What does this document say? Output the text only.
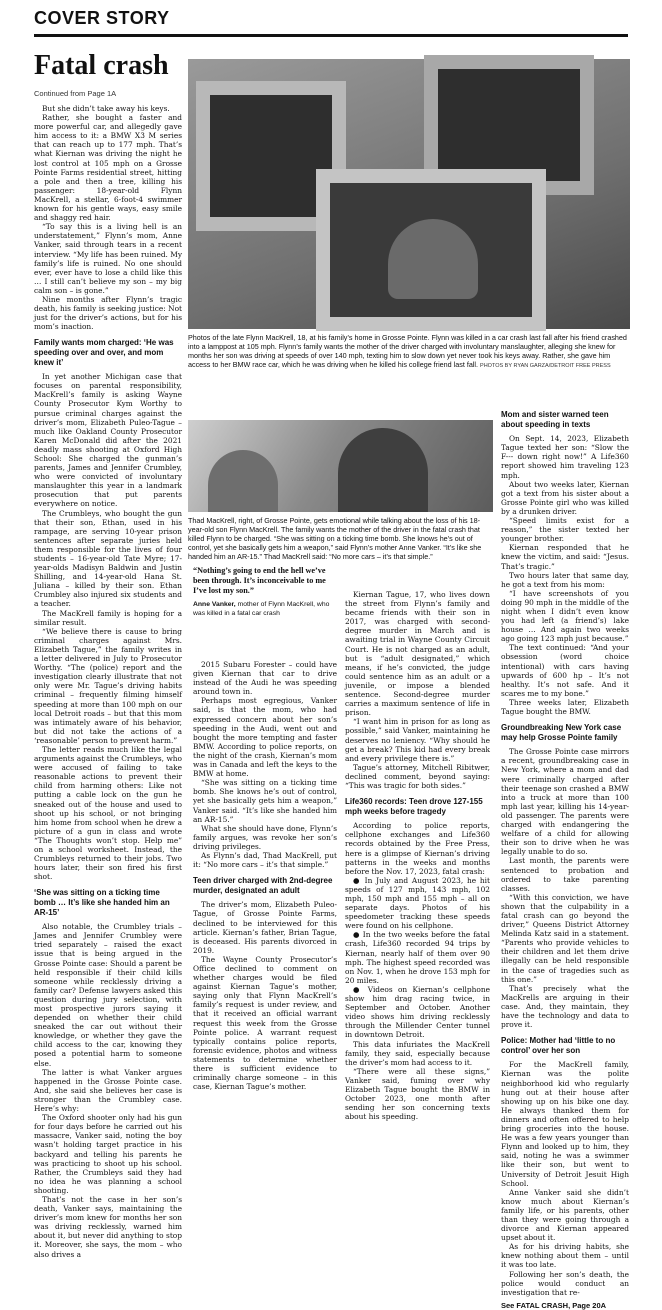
COVER STORY
Fatal crash
Continued from Page 1A

But she didn’t take away his keys.

Rather, she bought a faster and more powerful car, and allegedly gave him access to it: a BMW X3 M series that can reach up to 177 mph. That’s what Kiernan was driving the night he lost control at 105 mph on a Grosse Pointe Farms residential street, hitting a pole and then a tree, killing his passenger: 18-year-old Flynn MacKrell, a stellar, 6-foot-4 swimmer known for his gentle ways, easy smile and shaggy red hair.

“To say this is a living hell is an understatement,” Flynn’s mom, Anne Vanker, said through tears in a recent interview. “My life has been ruined. My family’s life is ruined. No one should ever, ever have to lose a child like this … I still can’t believe my son – my big calm son – is gone.”

Nine months after Flynn’s tragic death, his family is seeking justice: Not just for the driver’s actions, but for his mom’s inaction.

Family wants mom charged: ‘He was speeding over and over, and mom knew it’

In yet another Michigan case that focuses on parental responsibility, MacKrell’s family is asking Wayne County Prosecutor Kym Worthy to pursue criminal charges against the driver’s mom, Elizabeth Puleo-Tague – much like Oakland County Prosecutor Karen McDonald did after the 2021 deadly mass shooting at Oxford High School: She charged the gunman’s parents, James and Jennifer Crumbley, who were convicted of involuntary manslaughter this year in a landmark prosecution that put parents everywhere on notice.

The Crumbleys, who bought the gun that their son, Ethan, used in his rampage, are serving 10-year prison sentences after separate juries held them responsible for the lives of four students – 16-year-old Tate Myre; 17-year-olds Madisyn Baldwin and Justin Shilling, and 14-year-old Hana St. Juliana – killed by their son. Ethan Crumbley also injured six students and a teacher.

The MacKrell family is hoping for a similar result.

“We believe there is cause to bring criminal charges against Mrs. Elizabeth Tague,” the family writes in a letter delivered in July to Prosecutor Worthy. “The (police) report and the investigation clearly illustrate that not only were Mr. Tague’s driving habits criminal – frequently filming himself speeding at more than 100 mph on our local Detroit roads – but that this mom was intimately aware of his behavior, but did not take the actions of a ‘reasonable’ person to prevent harm.”

The letter reads much like the legal arguments against the Crumbleys, who were accused of failing to take reasonable actions to prevent their child from harming others: Like not putting a cable lock on the gun he sneaked out of the house and used to shoot up his school, or not bringing him home from school when he drew a picture of a gun in class and wrote “The Thoughts won’t stop. Help me” on a school worksheet. Instead, the Crumbleys returned to their jobs. Two hours later, their son fired his first shot.

‘She was sitting on a ticking time bomb … It’s like she handed him an AR-15’

Also notable, the Crumbley trials – James and Jennifer Crumbley were tried separately – raised the exact issue that is being argued in the Grosse Pointe case: Should a parent be held responsible if their child kills someone while recklessly driving a family car? Defense lawyers asked this question during jury selection, with most prospective jurors saying it depended on whether their child sneaked the car out without their knowledge, or whether they gave the child access to the car, knowing they posed a potential harm to someone else.

The latter is what Vanker argues happened in the Grosse Pointe case. And, she said she believes her case is stronger than the Crumbley case. Here’s why:

The Oxford shooter only had his gun for four days before he carried out his massacre, Vanker said, noting the boy wasn’t holding target practice in his backyard and telling his parents he was practicing to shoot up his school. Rather, the Crumbleys said they had no idea he was planning a school shooting.

That’s not the case in her son’s death, Vanker says, maintaining the driver’s mom knew for months her son was driving recklessly, warned him about it, but never did anything to stop it. Moreover, she says, the mom – who also drives a

Photos of the late Flynn MacKrell, 18, at his family’s home in Grosse Pointe. Flynn was killed in a car crash last fall after his friend crashed into a lamppost at 105 mph. Flynn’s family wants the mother of the driver charged with involuntary manslaughter, alleging she knew for months her son was driving at speeds of over 140 mph, texting him to slow down yet never took his keys away. Rather, she gave him access to her BMW race car, which he was driving when he killed his college friend last fall. PHOTOS BY RYAN GARZA/DETROIT FREE PRESS
“Nothing’s going to end the hell we’ve been through. It’s inconceivable to me I’ve lost my son.”
Anne Vanker, mother of Flynn MacKrell, who was killed in a fatal car crash
Thad MacKrell, right, of Grosse Pointe, gets emotional while talking about the loss of his 18-year-old son Flynn MacKrell. The family wants the mother of the driver in the fatal crash that killed Flynn to be charged. “She was sitting on a ticking time bomb. She knows he’s out of control, yet she basically gets him a weapon,” said Flynn’s mother Anne Vanker. “It’s like she handed him an AR-15.” Thad MacKrell said: “No more cars – it’s that simple.”

2015 Subaru Forester – could have given Kiernan that car to drive instead of the Audi he was speeding around town in.

Perhaps most egregious, Vanker said, is that the mom, who had expressed concern about her son’s speeding in the Audi, went out and bought the more tempting and faster BMW. According to police reports, on the night of the crash, Kiernan’s mom was in Canada and left the keys to the BMW at home.

“She was sitting on a ticking time bomb. She knows he’s out of control, yet she basically gets him a weapon,” Vanker said. “It’s like she handed him an AR-15.”

What she should have done, Flynn’s family argues, was revoke her son’s driving privileges.

As Flynn’s dad, Thad MacKrell, put it: “No more cars – it’s that simple.”

Teen driver charged with 2nd-degree murder, designated an adult

The driver’s mom, Elizabeth Puleo-Tague, of Grosse Pointe Farms, declined to be interviewed for this article. Kiernan’s father, Brian Tague, is deceased. His parents divorced in 2019.

The Wayne County Prosecutor’s Office declined to comment on whether charges would be filed against Kiernan Tague’s mother, saying only that Flynn MacKrell’s family’s request is under review, and that it received an official warrant request this week from the Grosse Pointe police. A warrant request typically contains police reports, forensic evidence, photos and witness statements to determine whether there is sufficient evidence to criminally charge someone – in this case, Kiernan Tague’s mother.

Kiernan Tague, 17, who lives down the street from Flynn’s family and became friends with their son in 2017, was charged with second-degree murder in March and is awaiting trial in Wayne County Circuit Court. He is not charged as an adult, but is “adult designated,” which means, if he’s convicted, the judge could sentence him as an adult or a juvenile, or impose a blended sentence. Second-degree murder carries a maximum sentence of life in prison.

“I want him in prison for as long as possible,” said Vanker, maintaining he deserves no leniency. “Why should he get a break? This kid had every break and every privilege there is.”

Tague’s attorney, Mitchell Ribitwer, declined comment, beyond saying: “This was tragic for both sides.”

Life360 records: Teen drove 127-155 mph weeks before tragedy

According to police reports, cellphone exchanges and Life360 records obtained by the Free Press, here is a glimpse of Kiernan’s driving patterns in the weeks and months before the Nov. 17, 2023, fatal crash:

● In July and August 2023, he hit speeds of 127 mph, 143 mph, 102 mph, 150 mph and 155 mph – all on separate days. Photos of his speedometer tracking these speeds were found on his cellphone.

● In the two weeks before the fatal crash, Life360 recorded 94 trips by Kiernan, nearly half of them over 90 mph. The highest speed recorded was on Nov. 1, when he drove 153 mph for 20 miles.

● Videos on Kiernan’s cellphone show him drag racing twice, in September and October. Another video shows him driving recklessly through the Millender Center tunnel in downtown Detroit.

This data infuriates the MacKrell family, they said, especially because the driver’s mom had access to it.

“There were all these signs,” Vanker said, fuming over why Elizabeth Tague bought the BMW in October 2023, one month after sending her son concerning texts about his speeding.

Mom and sister warned teen about speeding in texts

On Sept. 14, 2023, Elizabeth Tague texted her son: “Slow the F--- down right now!” A Life360 report showed him traveling 123 mph.

About two weeks later, Kiernan got a text from his sister about a Grosse Pointe girl who was killed by a drunken driver.

“Speed limits exist for a reason,” the sister texted her younger brother.

Kiernan responded that he knew the victim, and said: “Jesus. That’s tragic.”

Two hours later that same day, he got a text from his mom:

“I have screenshots of you doing 90 mph in the middle of the night when I didn’t even know you had left (a friend’s) lake house … And again two weeks ago going 123 mph just because.”

The text continued: “And your obsession (word choice intentional) with cars having upwards of 600 hp – It’s not healthy. It’s not safe. And it scares me to my bone.”

Three weeks later, Elizabeth Tague bought the BMW.

Groundbreaking New York case may help Grosse Pointe family

The Grosse Pointe case mirrors a recent, groundbreaking case in New York, where a mom and dad were criminally charged after their teenage son crashed a BMW into a truck at more than 100 mph last year, killing his 14-year-old passenger. The parents were charged with endangering the welfare of a child for allowing their son to drive when he was legally unable to do so.

Last month, the parents were sentenced to probation and ordered to take parenting classes.

“With this conviction, we have shown that the culpability in a fatal crash can go beyond the driver,” Queens District Attorney Melinda Katz said in a statement. “Parents who provide vehicles to their children and let them drive illegally can be held responsible in the case of tragedies such as this one.”

That’s precisely what the MacKrells are arguing in their case. And, they maintain, they have the technology and data to prove it.

Police: Mother had ‘little to no control’ over her son

For the MacKrell family, Kiernan was the polite neighborhood kid who regularly hung out at their house after showing up on his bike one day. He always thanked them for dinners and often offered to help bring groceries into the house. He was a few years younger than Flynn and looked up to him, they said, noting he was a swimmer like their son, but went to University of Detroit Jesuit High School.

Anne Vanker said she didn’t know much about Kiernan’s family life, or his parents, other than they were going through a divorce and Kiernan appeared upset about it.

As for his driving habits, she knew nothing about them – until it was too late.

Following her son’s death, the police would conduct an investigation that re-

See FATAL CRASH, Page 20A
